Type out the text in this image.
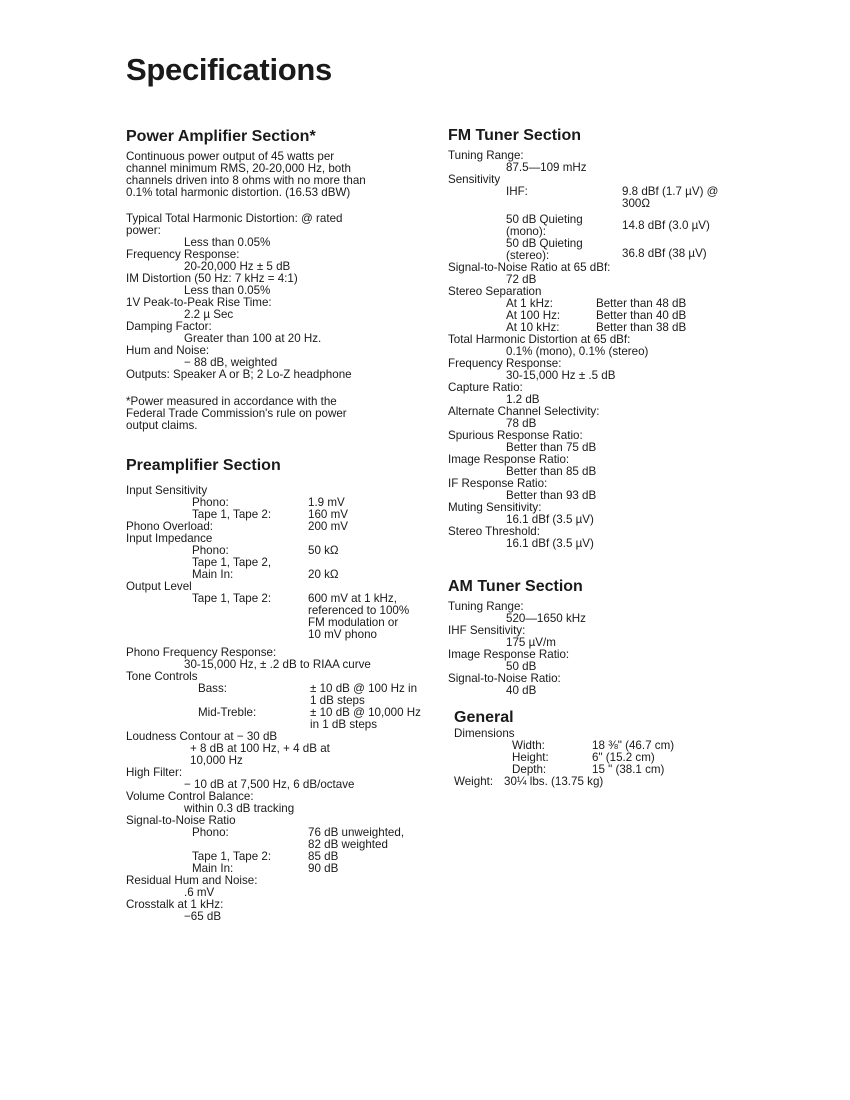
Specifications
Power Amplifier Section*

Continuous power output of 45 watts per
channel minimum RMS, 20-20,000 Hz, both
channels driven into 8 ohms with no more than
0.1% total harmonic distortion. (16.53 dBW)

Typical Total Harmonic Distortion: @ rated
power:
Less than 0.05%
Frequency Response:
20-20,000 Hz ± 5 dB
IM Distortion (50 Hz: 7 kHz = 4:1)
Less than 0.05%
1V Peak-to-Peak Rise Time:
2.2 µ Sec
Damping Factor:
Greater than 100 at 20 Hz.
Hum and Noise:
− 88 dB, weighted
Outputs: Speaker A or B; 2 Lo-Z headphone

*Power measured in accordance with the
Federal Trade Commission's rule on power
output claims.

Preamplifier Section
Input Sensitivity
Phono:	1.9 mV
Tape 1, Tape 2:	160 mV
Phono Overload:	200 mV
Input Impedance
Phono:	50 kΩ
Tape 1, Tape 2,
Main In:	20 kΩ
Output Level
Tape 1, Tape 2:	600 mV at 1 kHz,
referenced to 100%
FM modulation or
10 mV phono
Phono Frequency Response:
30-15,000 Hz, ± .2 dB to RIAA curve
Tone Controls
Bass:	± 10 dB @ 100 Hz in
1 dB steps
Mid-Treble:	± 10 dB @ 10,000 Hz
in 1 dB steps
Loudness Contour at − 30 dB
+ 8 dB at 100 Hz, + 4 dB at
10,000 Hz
High Filter:
− 10 dB at 7,500 Hz, 6 dB/octave
Volume Control Balance:
within 0.3 dB tracking
Signal-to-Noise Ratio
Phono:	76 dB unweighted,
82 dB weighted
Tape 1, Tape 2:	85 dB
Main In:	90 dB
Residual Hum and Noise:
.6 mV
Crosstalk at 1 kHz:
−65 dB
FM Tuner Section
Tuning Range:
87.5—109 mHz
Sensitivity
IHF:	9.8 dBf (1.7 µV) @
300Ω
50 dB Quieting
(mono):	14.8 dBf (3.0 µV)
50 dB Quieting
(stereo):	36.8 dBf (38 µV)
Signal-to-Noise Ratio at 65 dBf:
72 dB
Stereo Separation
At 1 kHz:	Better than 48 dB
At 100 Hz:	Better than 40 dB
At 10 kHz:	Better than 38 dB
Total Harmonic Distortion at 65 dBf:
0.1% (mono), 0.1% (stereo)
Frequency Response:
30-15,000 Hz ± .5 dB
Capture Ratio:
1.2 dB
Alternate Channel Selectivity:
78 dB
Spurious Response Ratio:
Better than 75 dB
Image Response Ratio:
Better than 85 dB
IF Response Ratio:
Better than 93 dB
Muting Sensitivity:
16.1 dBf (3.5 µV)
Stereo Threshold:
16.1 dBf (3.5 µV)
AM Tuner Section
Tuning Range:
520—1650 kHz
IHF Sensitivity:
175 µV/m
Image Response Ratio:
50 dB
Signal-to-Noise Ratio:
40 dB
General
Dimensions
Width:	18 ⅜" (46.7 cm)
Height:	6" (15.2 cm)
Depth:	15 " (38.1 cm)
Weight: 30¼ lbs. (13.75 kg)
